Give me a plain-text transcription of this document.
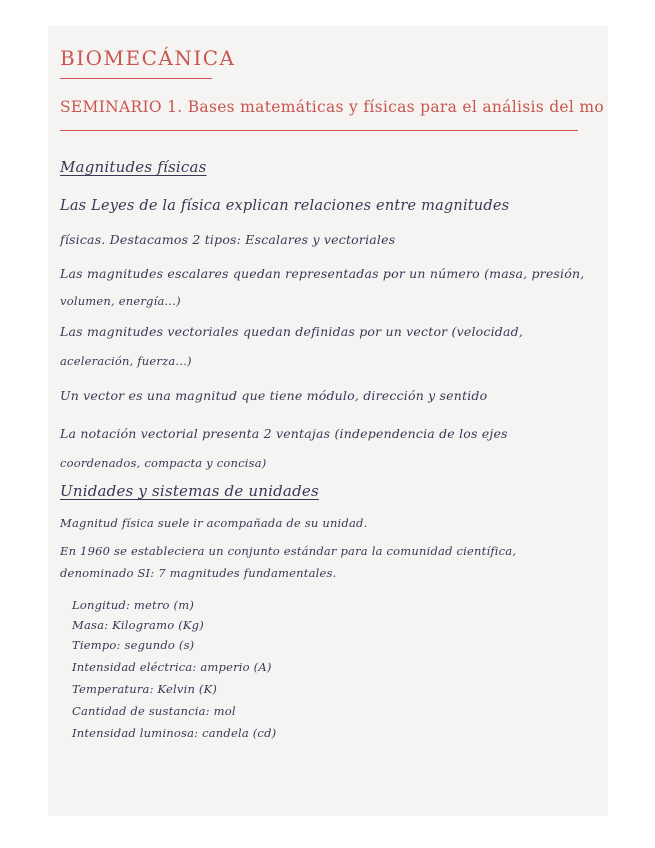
BIOMECÁNICA
SEMINARIO 1. Bases matemáticas y físicas para el análisis del mo
Magnitudes físicas
Las Leyes de la física explican relaciones entre magnitudes
físicas. Destacamos 2 tipos: Escalares y vectoriales
Las magnitudes escalares quedan representadas por un número (masa, presión,
volumen, energía...)
Las magnitudes vectoriales quedan definidas por un vector (velocidad,
aceleración, fuerza...)
Un vector es una magnitud que tiene módulo, dirección y sentido
La notación vectorial presenta 2 ventajas (independencia de los ejes
coordenados, compacta y concisa)
Unidades y sistemas de unidades
Magnitud física suele ir acompañada de su unidad.
En 1960 se estableciera un conjunto estándar para la comunidad científica,
denominado SI: 7 magnitudes fundamentales.
Longitud: metro (m)
Masa: Kilogramo (Kg)
Tiempo: segundo (s)
Intensidad eléctrica: amperio (A)
Temperatura: Kelvin (K)
Cantidad de sustancia: mol
Intensidad luminosa: candela (cd)
